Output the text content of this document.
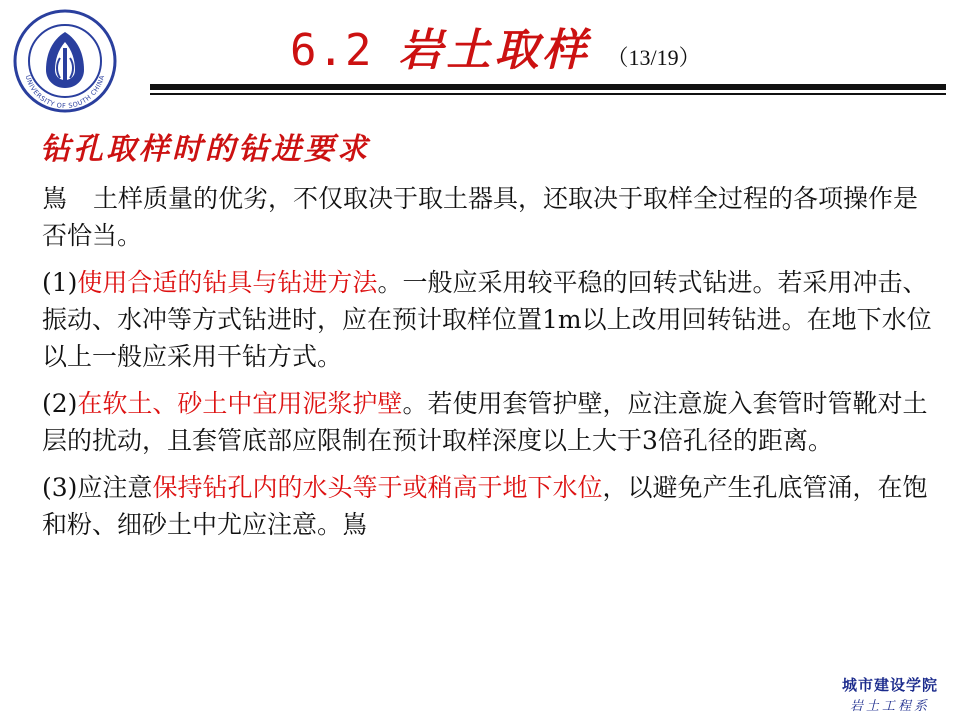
UNIVERSITY OF SOUTH CHINA
6.2 岩土取样 （13/19）
钻孔取样时的钻进要求

嶌 土样质量的优劣，不仅取决于取土器具，还取决于取样全过程的各项操作是否恰当。

(1)使用合适的钻具与钻进方法。一般应采用较平稳的回转式钻进。若采用冲击、振动、水冲等方式钻进时，应在预计取样位置1m以上改用回转钻进。在地下水位以上一般应采用干钻方式。

(2)在软土、砂土中宜用泥浆护壁。若使用套管护壁，应注意旋入套管时管靴对土层的扰动，且套管底部应限制在预计取样深度以上大于3倍孔径的距离。

(3)应注意保持钻孔内的水头等于或稍高于地下水位，以避免产生孔底管涌，在饱和粉、细砂土中尤应注意。嶌

城市建设学院
岩土工程系
